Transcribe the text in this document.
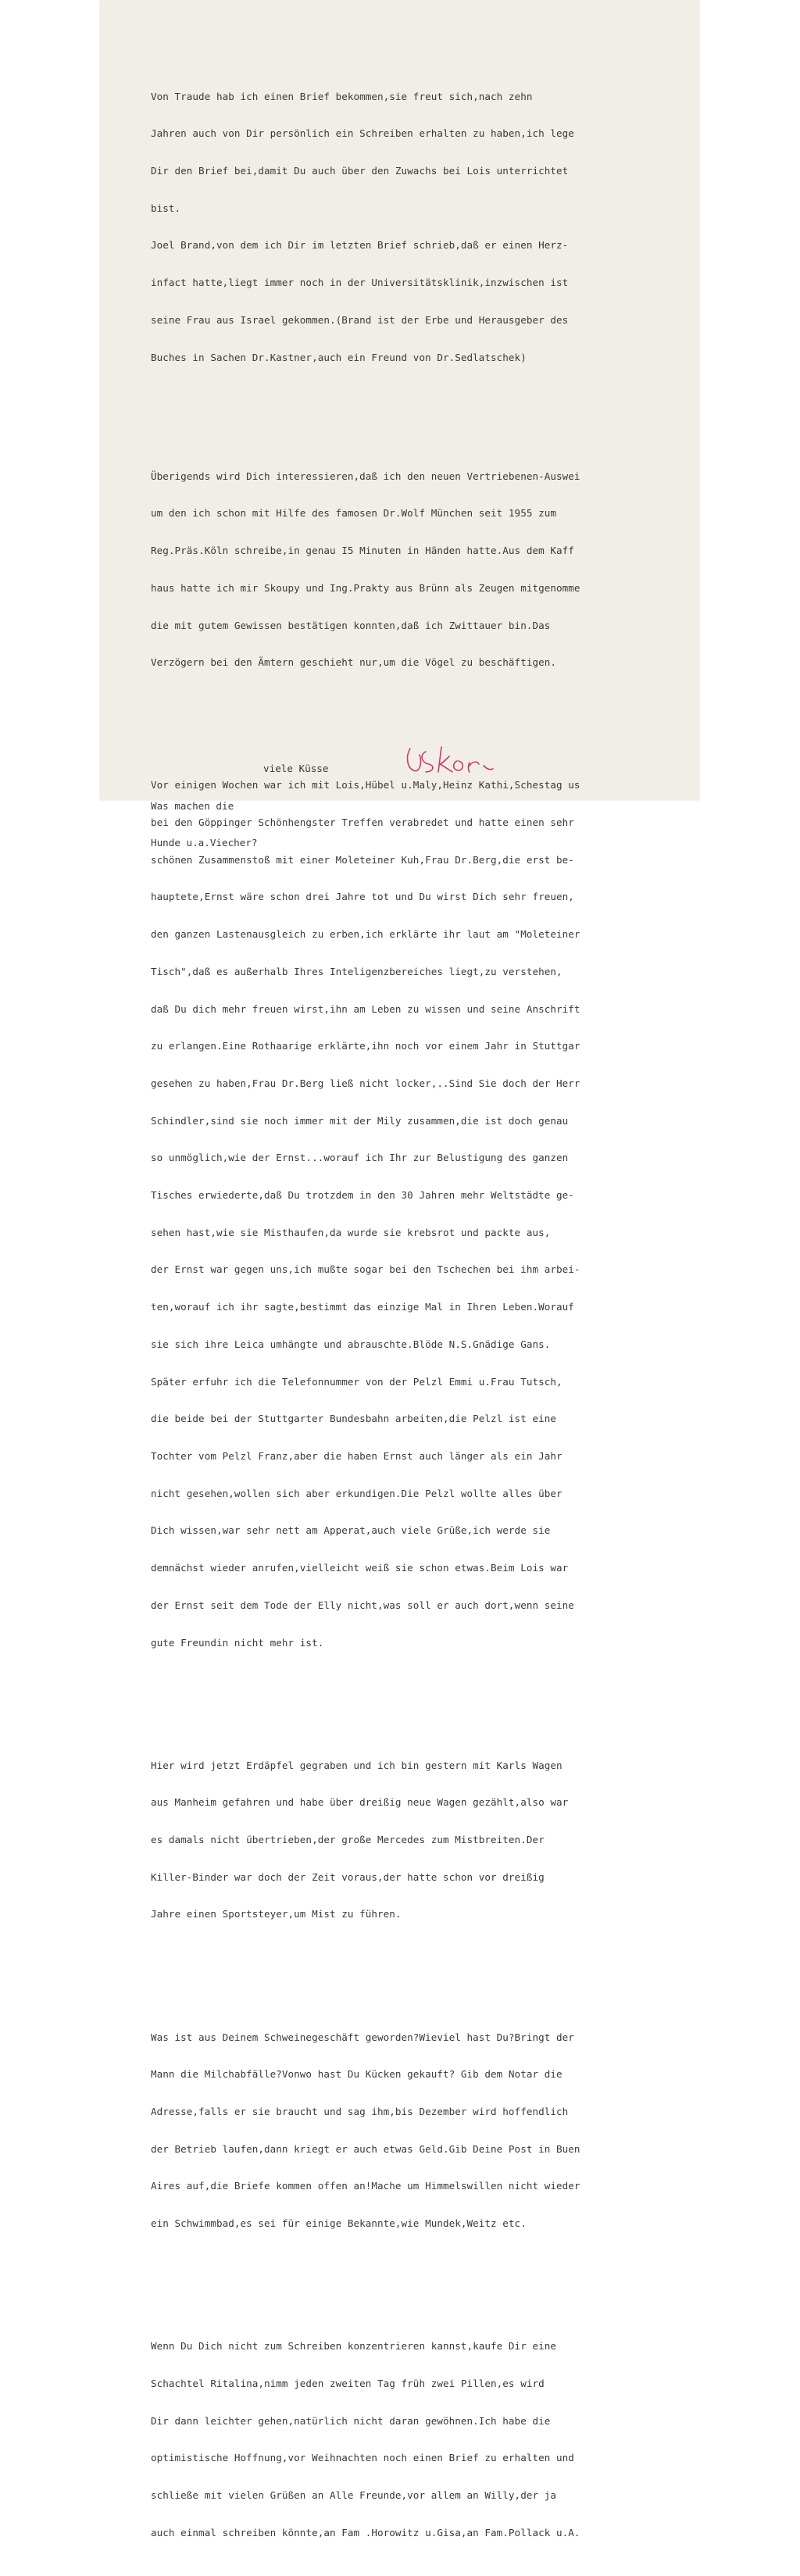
Von Traude hab ich einen Brief bekommen,sie freut sich,nach zehn

Jahren auch von Dir persönlich ein Schreiben erhalten zu haben,ich lege

Dir den Brief bei,damit Du auch über den Zuwachs bei Lois unterrichtet

bist.

Joel Brand,von dem ich Dir im letzten Brief schrieb,daß er einen Herz-

infact hatte,liegt immer noch in der Universitätsklinik,inzwischen ist

seine Frau aus Israel gekommen.(Brand ist der Erbe und Herausgeber des

Buches in Sachen Dr.Kastner,auch ein Freund von Dr.Sedlatschek)

Überigends wird Dich interessieren,daß ich den neuen Vertriebenen-Auswei

um den ich schon mit Hilfe des famosen Dr.Wolf München seit 1955 zum

Reg.Präs.Köln schreibe,in genau I5 Minuten in Händen hatte.Aus dem Kaff

haus hatte ich mir Skoupy und Ing.Prakty aus Brünn als Zeugen mitgenomme

die mit gutem Gewissen bestätigen konnten,daß ich Zwittauer bin.Das

Verzögern bei den Ämtern geschieht nur,um die Vögel zu beschäftigen.

Vor einigen Wochen war ich mit Lois,Hübel u.Maly,Heinz Kathi,Schestag us

bei den Göppinger Schönhengster Treffen verabredet und hatte einen sehr

schönen Zusammenstoß mit einer Moleteiner Kuh,Frau Dr.Berg,die erst be-

hauptete,Ernst wäre schon drei Jahre tot und Du wirst Dich sehr freuen,

den ganzen Lastenausgleich zu erben,ich erklärte ihr laut am "Moleteiner

Tisch",daß es außerhalb Ihres Inteligenzbereiches liegt,zu verstehen,

daß Du dich mehr freuen wirst,ihn am Leben zu wissen und seine Anschrift

zu erlangen.Eine Rothaarige erklärte,ihn noch vor einem Jahr in Stuttgar

gesehen zu haben,Frau Dr.Berg ließ nicht locker,..Sind Sie doch der Herr

Schindler,sind sie noch immer mit der Mily zusammen,die ist doch genau

so unmöglich,wie der Ernst...worauf ich Ihr zur Belustigung des ganzen

Tisches erwiederte,daß Du trotzdem in den 30 Jahren mehr Weltstädte ge-

sehen hast,wie sie Misthaufen,da wurde sie krebsrot und packte aus,

der Ernst war gegen uns,ich mußte sogar bei den Tschechen bei ihm arbei-

ten,worauf ich ihr sagte,bestimmt das einzige Mal in Ihren Leben.Worauf

sie sich ihre Leica umhängte und abrauschte.Blöde N.S.Gnädige Gans.

Später erfuhr ich die Telefonnummer von der Pelzl Emmi u.Frau Tutsch,

die beide bei der Stuttgarter Bundesbahn arbeiten,die Pelzl ist eine

Tochter vom Pelzl Franz,aber die haben Ernst auch länger als ein Jahr

nicht gesehen,wollen sich aber erkundigen.Die Pelzl wollte alles über

Dich wissen,war sehr nett am Apperat,auch viele Grüße,ich werde sie

demnächst wieder anrufen,vielleicht weiß sie schon etwas.Beim Lois war

der Ernst seit dem Tode der Elly nicht,was soll er auch dort,wenn seine

gute Freundin nicht mehr ist.

Hier wird jetzt Erdäpfel gegraben und ich bin gestern mit Karls Wagen

aus Manheim gefahren und habe über dreißig neue Wagen gezählt,also war

es damals nicht übertrieben,der große Mercedes zum Mistbreiten.Der

Killer-Binder war doch der Zeit voraus,der hatte schon vor dreißig

Jahre einen Sportsteyer,um Mist zu führen.

Was ist aus Deinem Schweinegeschäft geworden?Wieviel hast Du?Bringt der

Mann die Milchabfälle?Vonwo hast Du Kücken gekauft? Gib dem Notar die

Adresse,falls er sie braucht und sag ihm,bis Dezember wird hoffendlich

der Betrieb laufen,dann kriegt er auch etwas Geld.Gib Deine Post in Buen

Aires auf,die Briefe kommen offen an!Mache um Himmelswillen nicht wieder

ein Schwimmbad,es sei für einige Bekannte,wie Mundek,Weitz etc.

Wenn Du Dich nicht zum Schreiben konzentrieren kannst,kaufe Dir eine

Schachtel Ritalina,nimm jeden zweiten Tag früh zwei Pillen,es wird

Dir dann leichter gehen,natürlich nicht daran gewöhnen.Ich habe die

optimistische Hoffnung,vor Weihnachten noch einen Brief zu erhalten und

schließe mit vielen Grüßen an Alle Freunde,vor allem an Willy,der ja

auch einmal schreiben könnte,an Fam .Horowitz u.Gisa,an Fam.Pollack u.A.

viele Küsse

Was machen die

Hunde u.a.Viecher?
